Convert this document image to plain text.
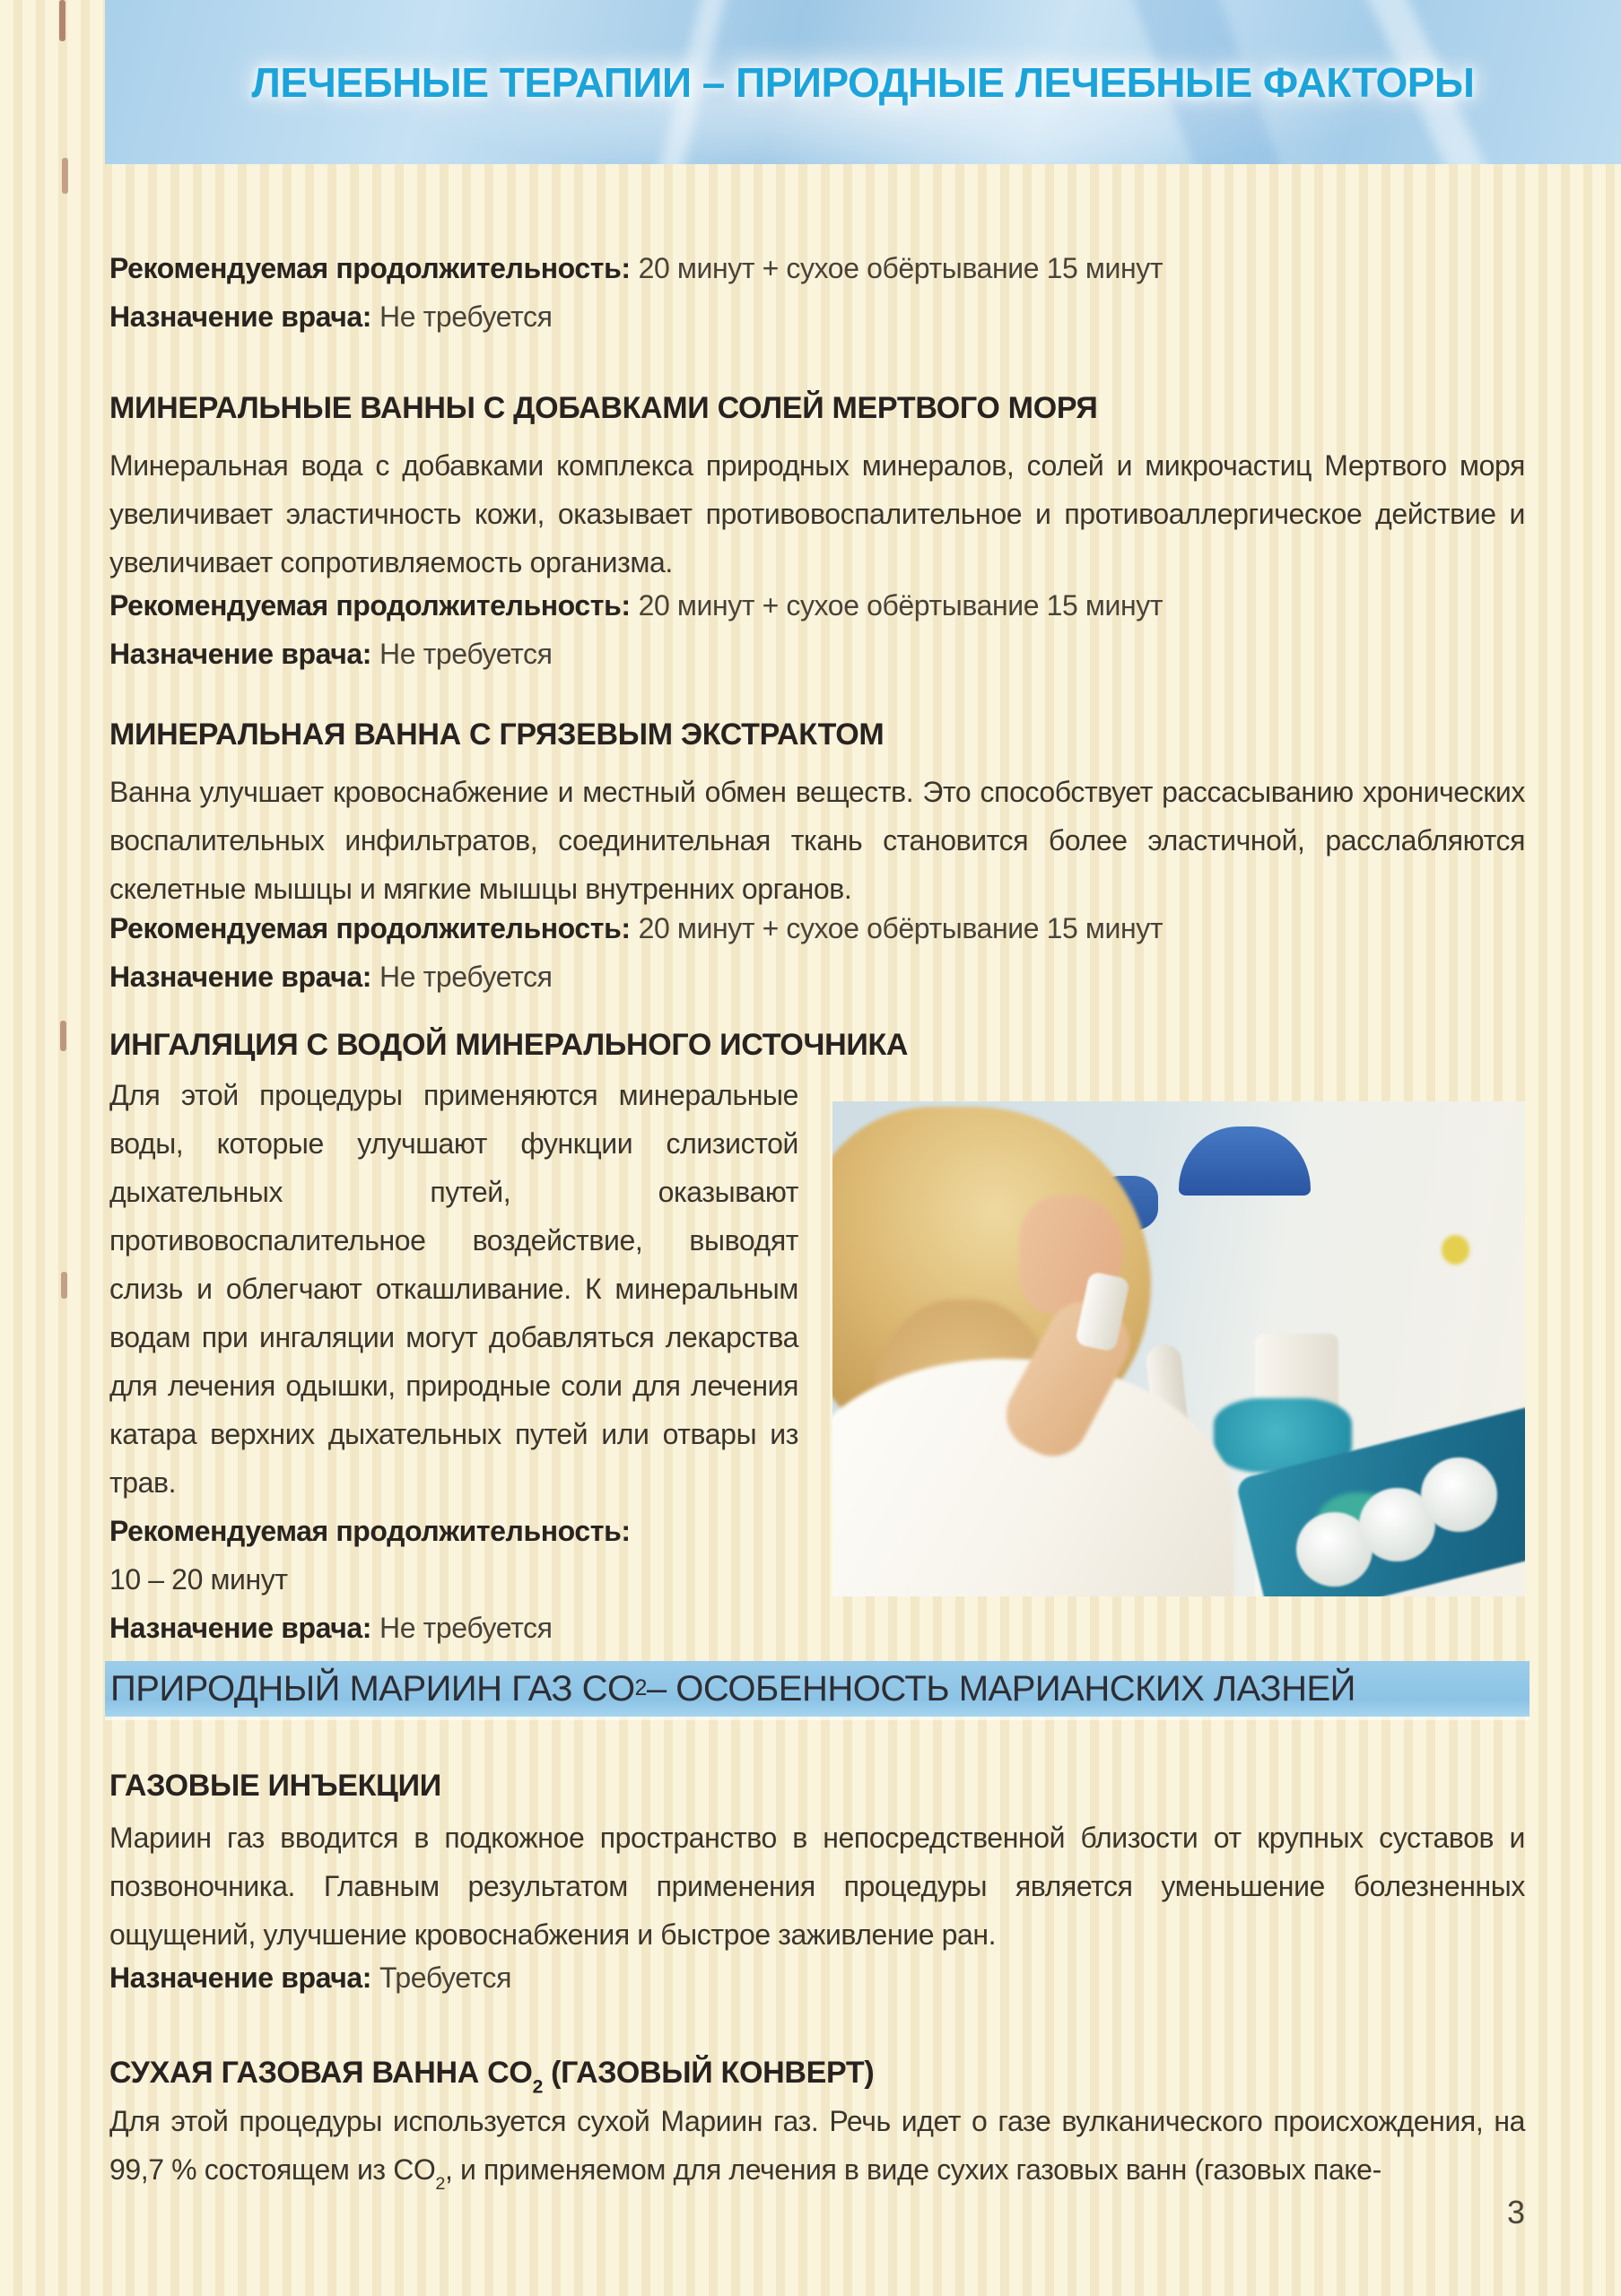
ЛЕЧЕБНЫЕ ТЕРАПИИ – ПРИРОДНЫЕ ЛЕЧЕБНЫЕ ФАКТОРЫ
Рекомендуемая продолжительность: 20 минут + сухое обёртывание 15 минут
Назначение врача: Не требуется
МИНЕРАЛЬНЫЕ ВАННЫ С ДОБАВКАМИ СОЛЕЙ МЕРТВОГО МОРЯ
Минеральная вода с добавками комплекса природных минералов, солей и микрочастиц Мертвого моря увеличивает эластичность кожи, оказывает противовоспалительное и противоаллергическое действие и увеличивает сопротивляемость организма.
Рекомендуемая продолжительность: 20 минут + сухое обёртывание 15 минут
Назначение врача: Не требуется
МИНЕРАЛЬНАЯ ВАННА С ГРЯЗЕВЫМ ЭКСТРАКТОМ
Ванна улучшает кровоснабжение и местный обмен веществ. Это способствует рассасыванию хронических воспалительных инфильтратов, соединительная ткань становится более эластичной, расслабляются скелетные мышцы и мягкие мышцы внутренних органов.
Рекомендуемая продолжительность: 20 минут + сухое обёртывание 15 минут
Назначение врача: Не требуется
ИНГАЛЯЦИЯ С ВОДОЙ МИНЕРАЛЬНОГО ИСТОЧНИКА
Для этой процедуры применяются минеральные воды, которые улучшают функции слизистой дыхательных путей, оказывают противовоспалительное воздействие, выводят слизь и облегчают откашливание. К минеральным водам при ингаляции могут добавляться лекарства для лечения одышки, природные соли для лечения катара верхних дыхательных путей или отвары из трав.
Рекомендуемая продолжительность:
10 – 20 минут
Назначение врача: Не требуется
ПРИРОДНЫЙ МАРИИН ГАЗ CO 2 – ОСОБЕННОСТЬ МАРИАНСКИХ ЛАЗНЕЙ
ГАЗОВЫЕ ИНЪЕКЦИИ
Мариин газ вводится в подкожное пространство в непосредственной близости от крупных суставов и позвоночника. Главным результатом применения процедуры является уменьшение болезненных ощущений, улучшение кровоснабжения и быстрое заживление ран.
Назначение врача: Требуется
СУХАЯ ГАЗОВАЯ ВАННА $CO_2$ (ГАЗОВЫЙ КОНВЕРТ)
Для этой процедуры используется сухой Мариин газ. Речь идет о газе вулканического происхождения, на 99,7 % состоящем из $CO_2$, и применяемом для лечения в виде сухих газовых ванн (газовых паке-
3
